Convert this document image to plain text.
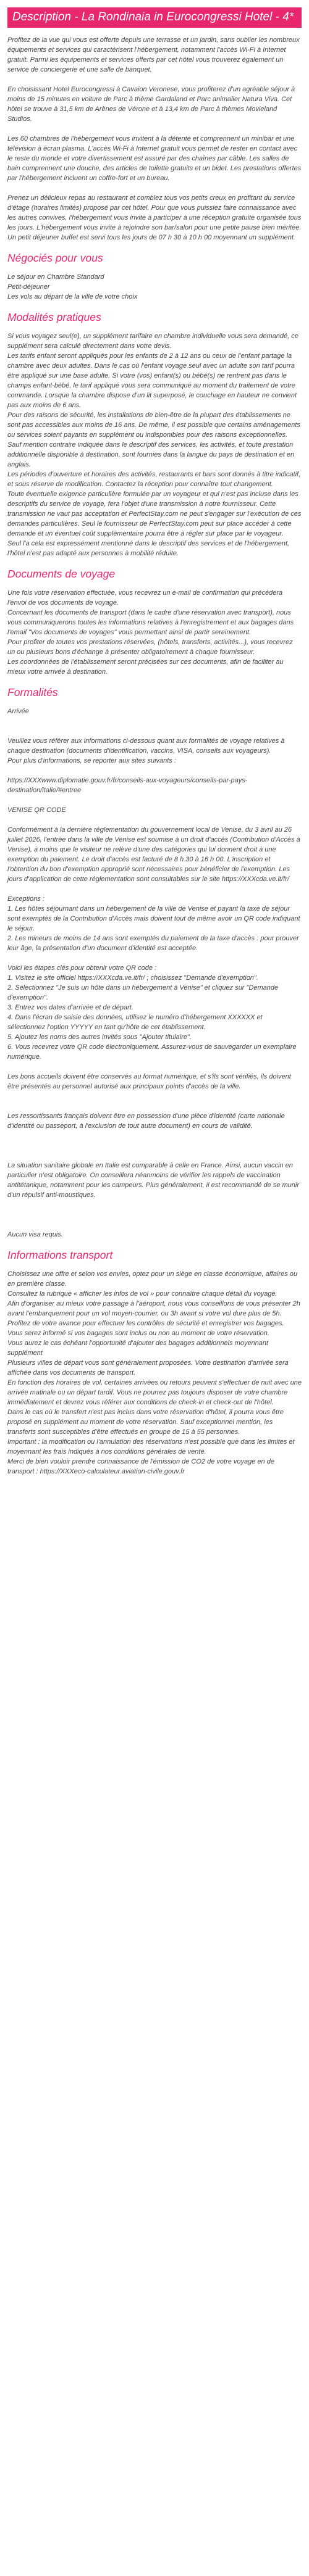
Description - La Rondinaia in Eurocongressi Hotel - 4*

Profitez de la vue qui vous est offerte depuis une terrasse et un jardin, sans oublier les nombreux équipements et services qui caractérisent l'hébergement, notamment l'accès Wi-Fi à Internet gratuit. Parmi les équipements et services offerts par cet hôtel vous trouverez également un service de conciergerie et une salle de banquet.

En choisissant Hotel Eurocongressi à Cavaion Veronese, vous profiterez d'un agréable séjour à moins de 15 minutes en voiture de Parc à thème Gardaland et Parc animalier Natura Viva. Cet hôtel se trouve à 31,5 km de Arènes de Vérone et à 13,4 km de Parc à thèmes Movieland Studios.

Les 60 chambres de l'hébergement vous invitent à la détente et comprennent un minibar et une télévision à écran plasma. L'accès Wi-Fi à Internet gratuit vous permet de rester en contact avec le reste du monde et votre divertissement est assuré par des chaînes par câble. Les salles de bain comprennent une douche, des articles de toilette gratuits et un bidet. Les prestations offertes par l'hébergement incluent un coffre-fort et un bureau.

Prenez un délicieux repas au restaurant et comblez tous vos petits creux en profitant du service d'étage (horaires limités) proposé par cet hôtel. Pour que vous puissiez faire connaissance avec les autres convives, l'hébergement vous invite à participer à une réception gratuite organisée tous les jours. L'hébergement vous invite à rejoindre son bar/salon pour une petite pause bien méritée. Un petit déjeuner buffet est servi tous les jours de 07 h 30 à 10 h 00 moyennant un supplément.

Négociés pour vous

Le séjour en Chambre Standard

Petit-déjeuner

Les vols au départ de la ville de votre choix

Modalités pratiques

Si vous voyagez seul(e), un supplément tarifaire en chambre individuelle vous sera demandé, ce supplément sera calculé directement dans votre devis.

Les tarifs enfant seront appliqués pour les enfants de 2 à 12 ans ou ceux de l'enfant partage la chambre avec deux adultes. Dans le cas où l'enfant voyage seul avec un adulte son tarif pourra être appliqué sur une base adulte. Si votre (vos) enfant(s) ou bébé(s) ne rentrent pas dans le champs enfant-bébé, le tarif appliqué vous sera communiqué au moment du traitement de votre commande. Lorsque la chambre dispose d'un lit superposé, le couchage en hauteur ne convient pas aux moins de 6 ans.

Pour des raisons de sécurité, les installations de bien-être de la plupart des établissements ne sont pas accessibles aux moins de 16 ans. De même, il est possible que certains aménagements ou services soient payants en supplément ou indisponibles pour des raisons exceptionnelles.

Sauf mention contraire indiquée dans le descriptif des services, les activités, et toute prestation additionnelle disponible à destination, sont fournies dans la langue du pays de destination et en anglais.

Les périodes d'ouverture et horaires des activités, restaurants et bars sont donnés à titre indicatif, et sous réserve de modification. Contactez la réception pour connaître tout changement.

Toute éventuelle exigence particulière formulée par un voyageur et qui n'est pas incluse dans les descriptifs du service de voyage, fera l'objet d'une transmission à notre fournisseur. Cette transmission ne vaut pas acceptation et PerfectStay.com ne peut s'engager sur l'exécution de ces demandes particulières. Seul le fournisseur de PerfectStay.com peut sur place accéder à cette demande et un éventuel coût supplémentaire pourra être à régler sur place par le voyageur.

Seul l'a cela est expressément mentionné dans le descriptif des services et de l'hébergement, l'hôtel n'est pas adapté aux personnes à mobilité réduite.

Documents de voyage

Une fois votre réservation effectuée, vous recevrez un e-mail de confirmation qui précédera l'envoi de vos documents de voyage.

Concernant les documents de transport (dans le cadre d'une réservation avec transport), nous vous communiquerons toutes les informations relatives à l'enregistrement et aux bagages dans l'email "Vos documents de voyages" vous permettant ainsi de partir sereinement.

Pour profiter de toutes vos prestations réservées, (hôtels, transferts, activités...), vous recevrez un ou plusieurs bons d'échange à présenter obligatoirement à chaque fournisseur.

Les coordonnées de l'établissement seront précisées sur ces documents, afin de faciliter au mieux votre arrivée à destination.

Formalités

Arrivée

Veuillez vous référer aux informations ci-dessous quant aux formalités de voyage relatives à chaque destination (documents d'identification, vaccins, VISA, conseils aux voyageurs).

Pour plus d'informations, se reporter aux sites suivants :

https://XXXwww.diplomatie.gouv.fr/fr/conseils-aux-voyageurs/conseils-par-pays-destination/italie/#entree

VENISE QR CODE

Conformément à la dernière réglementation du gouvernement local de Venise, du 3 avril au 26 juillet 2026, l'entrée dans la ville de Venise est soumise à un droit d'accès (Contribution d'Accès à Venise), à moins que le visiteur ne relève d'une des catégories qui lui donnent droit à une exemption du paiement. Le droit d'accès est facturé de 8 h 30 à 16 h 00. L'inscription et l'obtention du bon d'exemption approprié sont nécessaires pour bénéficier de l'exemption. Les jours d'application de cette réglementation sont consultables sur le site https://XXXcda.ve.it/fr/

Exceptions :

1. Les hôtes séjournant dans un hébergement de la ville de Venise et payant la taxe de séjour sont exemptés de la Contribution d'Accès mais doivent tout de même avoir un QR code indiquant le séjour.

2. Les mineurs de moins de 14 ans sont exemptés du paiement de la taxe d'accès : pour prouver leur âge, la présentation d'un document d'identité est acceptée.

Voici les étapes clés pour obtenir votre QR code :

1. Visitez le site officiel https://XXXcda.ve.it/fr/ ; choisissez "Demande d'exemption".

2. Sélectionnez "Je suis un hôte dans un hébergement à Venise" et cliquez sur "Demande d'exemption".

3. Entrez vos dates d'arrivée et de départ.

4. Dans l'écran de saisie des données, utilisez le numéro d'hébergement XXXXXX et sélectionnez l'option YYYYY en tant qu'hôte de cet établissement.

5. Ajoutez les noms des autres invités sous "Ajouter titulaire".

6. Vous recevrez votre QR code électroniquement. Assurez-vous de sauvegarder un exemplaire numérique.

Les bons accueils doivent être conservés au format numérique, et s'ils sont vérifiés, ils doivent être présentés au personnel autorisé aux principaux points d'accès de la ville.

Les ressortissants français doivent être en possession d'une pièce d'identité (carte nationale d'identité ou passeport, à l'exclusion de tout autre document) en cours de validité.

La situation sanitaire globale en Italie est comparable à celle en France. Ainsi, aucun vaccin en particulier n'est obligatoire. On conseillera néanmoins de vérifier les rappels de vaccination antitétanique, notamment pour les campeurs. Plus généralement, il est recommandé de se munir d'un répulsif anti-moustiques.

Aucun visa requis.

Informations transport

Choisissez une offre et selon vos envies, optez pour un siège en classe économique, affaires ou en première classe.

Consultez la rubrique « afficher les infos de vol » pour connaître chaque détail du voyage.

Afin d'organiser au mieux votre passage à l'aéroport, nous vous conseillons de vous présenter 2h avant l'embarquement pour un vol moyen-courrier, ou 3h avant si votre vol dure plus de 5h. Profitez de votre avance pour effectuer les contrôles de sécurité et enregistrer vos bagages.

Vous serez informé si vos bagages sont inclus ou non au moment de votre réservation.

Vous aurez le cas échéant l'opportunité d'ajouter des bagages additionnels moyennant supplément

Plusieurs villes de départ vous sont généralement proposées. Votre destination d'arrivée sera affichée dans vos documents de transport.

En fonction des horaires de vol, certaines arrivées ou retours peuvent s'effectuer de nuit avec une arrivée matinale ou un départ tardif. Vous ne pourrez pas toujours disposer de votre chambre immédiatement et devrez vous référer aux conditions de check-in et check-out de l'hôtel.

Dans le cas où le transfert n'est pas inclus dans votre réservation d'hôtel, il pourra vous être proposé en supplément au moment de votre réservation. Sauf exceptionnel mention, les transferts sont susceptibles d'être effectués en groupe de 15 à 55 personnes.

Important : la modification ou l'annulation des réservations n'est possible que dans les limites et moyennant les frais indiqués à nos conditions générales de vente.

Merci de bien vouloir prendre connaissance de l'émission de CO2 de votre voyage en de transport : https://XXXeco-calculateur.aviation-civile.gouv.fr
